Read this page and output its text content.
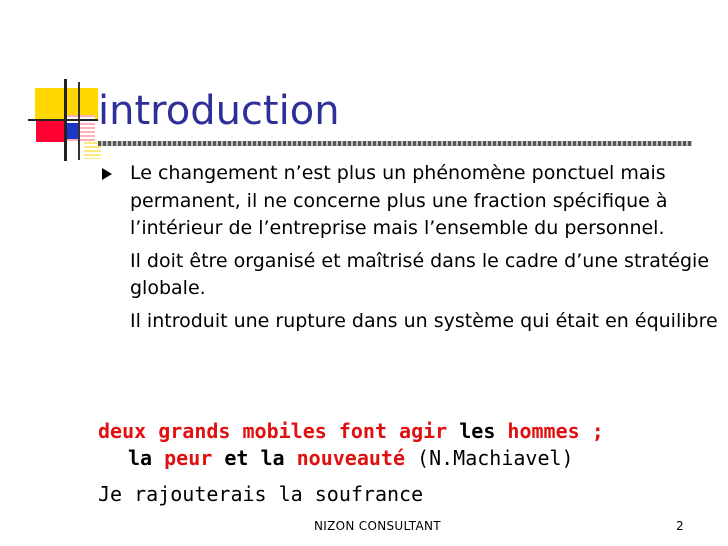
introduction

Le changement n’est plus un phénomène ponctuel mais permanent, il ne concerne plus une fraction spécifique à l’intérieur de l’entreprise mais l’ensemble du personnel.

Il doit être organisé et maîtrisé dans le cadre d’une stratégie globale.

Il introduit une rupture dans un système qui était en équilibre

deux grands mobiles font agir les hommes ;
la peur et la nouveauté (N.Machiavel)
Je rajouterais la soufrance
NIZON CONSULTANT	2
